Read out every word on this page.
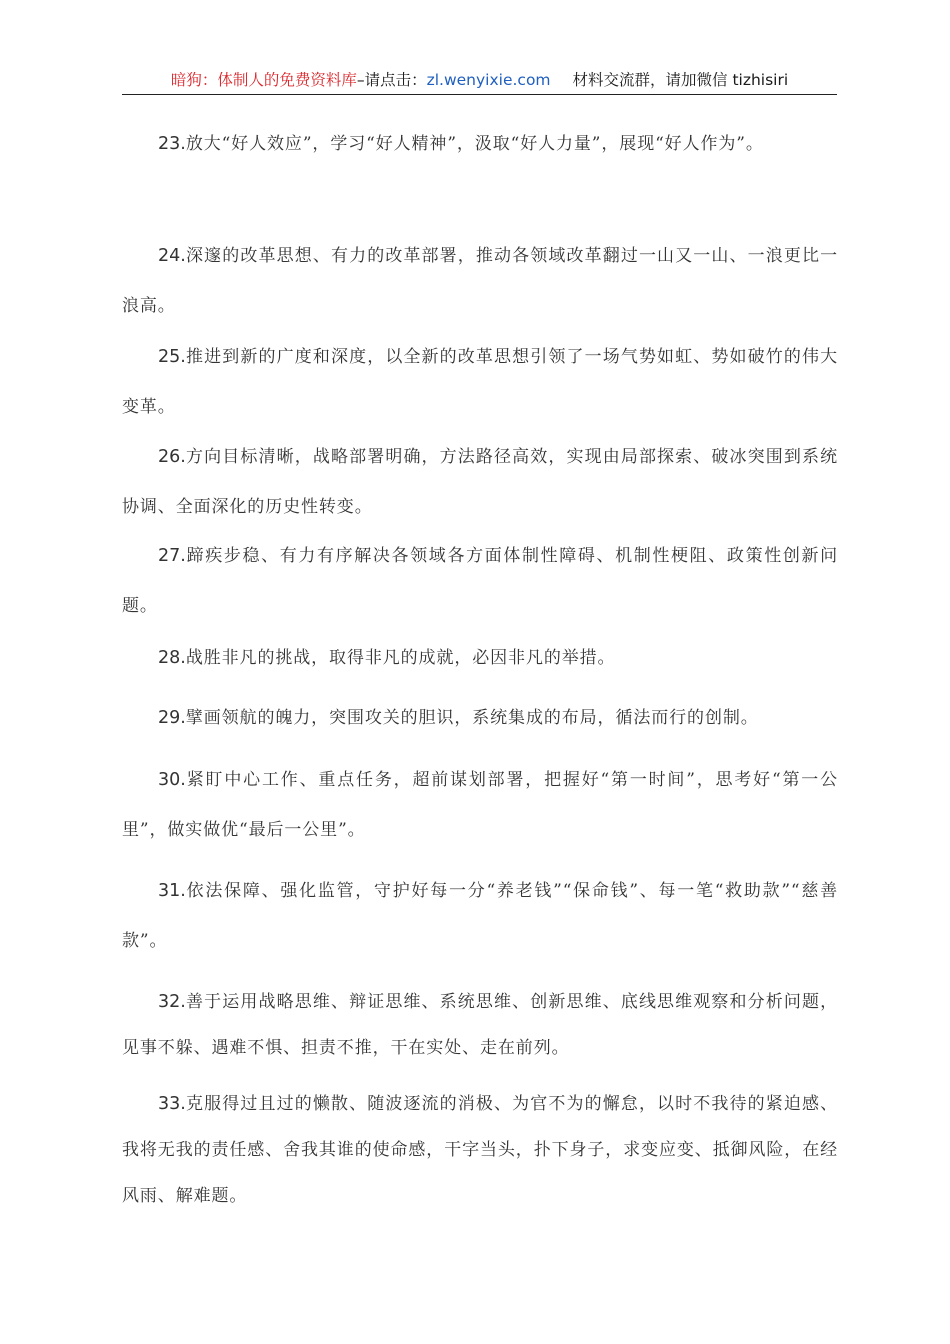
暗狗：体制人的免费资料库–请点击：zl.wenyixie.com 材料交流群，请加微信 tizhisiri
23.放大“好人效应”，学习“好人精神”，汲取“好人力量”，展现“好人作为”。
24.深邃的改革思想、有力的改革部署，推动各领域改革翻过一山又一山、一浪更比一浪高。
25.推进到新的广度和深度，以全新的改革思想引领了一场气势如虹、势如破竹的伟大变革。
26.方向目标清晰，战略部署明确，方法路径高效，实现由局部探索、破冰突围到系统协调、全面深化的历史性转变。
27.蹄疾步稳、有力有序解决各领域各方面体制性障碍、机制性梗阻、政策性创新问题。
28.战胜非凡的挑战，取得非凡的成就，必因非凡的举措。
29.擘画领航的魄力，突围攻关的胆识，系统集成的布局，循法而行的创制。
30.紧盯中心工作、重点任务，超前谋划部署，把握好“第一时间”，思考好“第一公里”，做实做优“最后一公里”。
31.依法保障、强化监管，守护好每一分“养老钱”“保命钱”、每一笔“救助款”“慈善款”。
32.善于运用战略思维、辩证思维、系统思维、创新思维、底线思维观察和分析问题，见事不躲、遇难不惧、担责不推，干在实处、走在前列。
33.克服得过且过的懒散、随波逐流的消极、为官不为的懈怠，以时不我待的紧迫感、我将无我的责任感、舍我其谁的使命感，干字当头，扑下身子，求变应变、抵御风险，在经风雨、解难题。
